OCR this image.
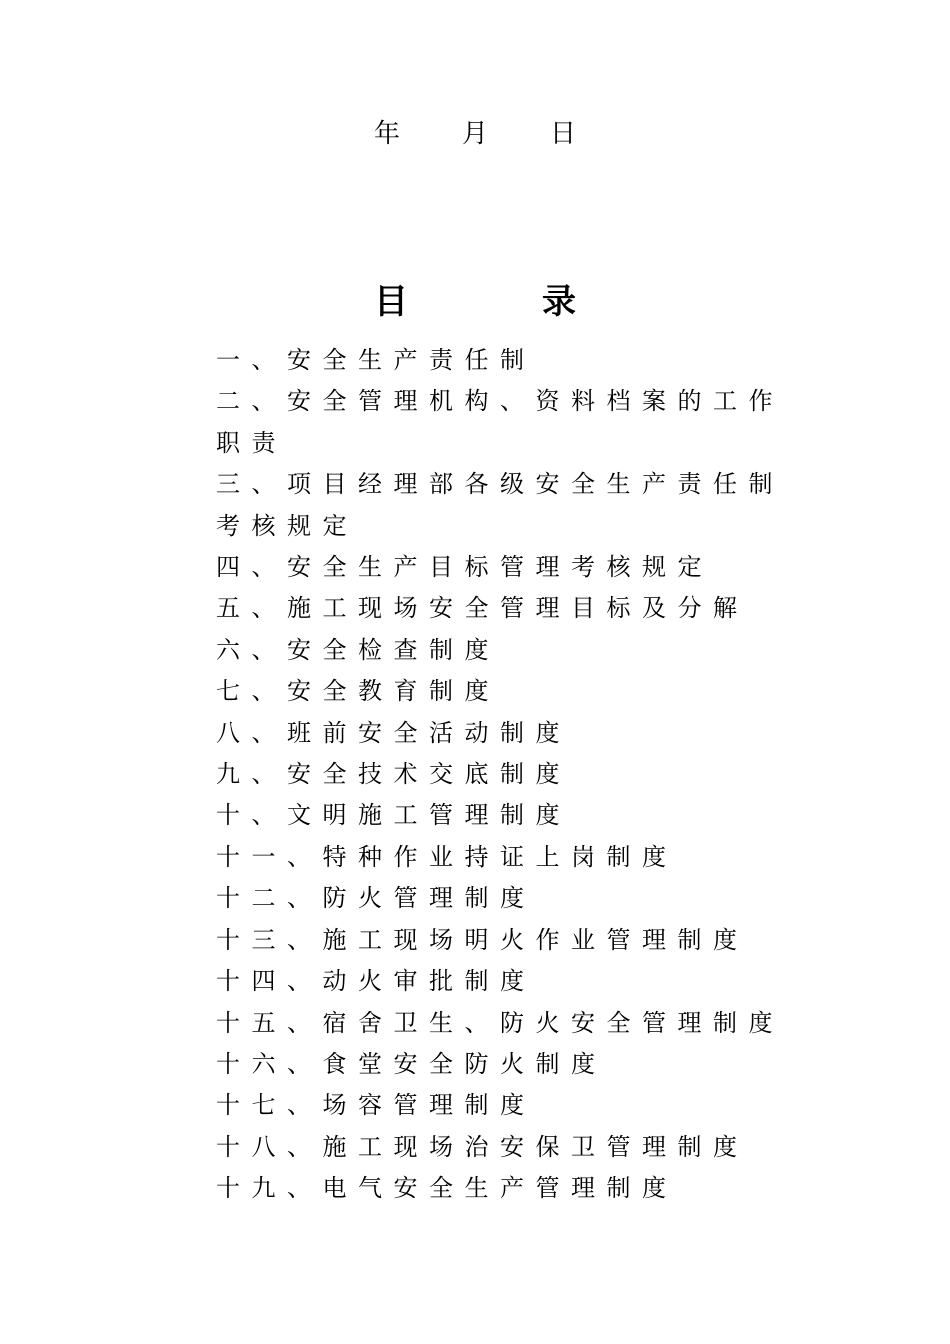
年 月 日
目	录
一、安全生产责任制
二、安全管理机构、资料档案的工作职责
三、项目经理部各级安全生产责任制考核规定
四、安全生产目标管理考核规定
五、施工现场安全管理目标及分解
六、安全检查制度
七、安全教育制度
八、班前安全活动制度
九、安全技术交底制度
十、文明施工管理制度
十一、特种作业持证上岗制度
十二、防火管理制度
十三、施工现场明火作业管理制度
十四、动火审批制度
十五、宿舍卫生、防火安全管理制度
十六、食堂安全防火制度
十七、场容管理制度
十八、施工现场治安保卫管理制度
十九、电气安全生产管理制度
